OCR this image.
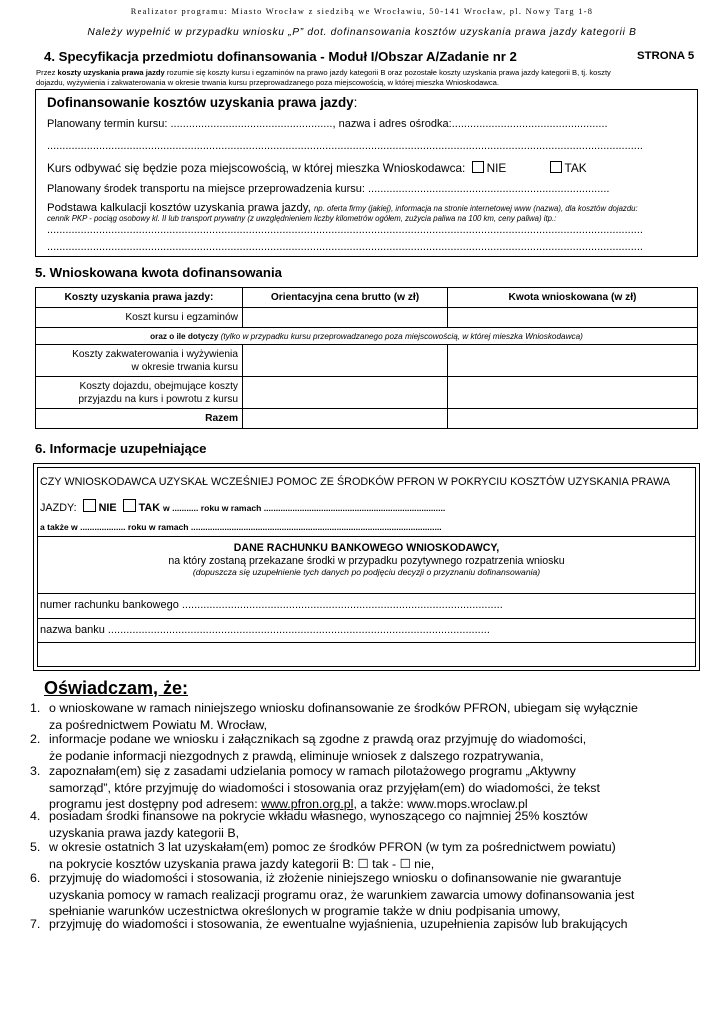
Realizator programu: Miasto Wrocław z siedzibą we Wrocławiu, 50-141 Wrocław, pl. Nowy Targ 1-8
Należy wypełnić w przypadku wniosku „P” dot. dofinansowania kosztów uzyskania prawa jazdy kategorii B
4. Specyfikacja przedmiotu dofinansowania - Moduł I/Obszar A/Zadanie nr 2	STRONA 5
Przez koszty uzyskania prawa jazdy rozumie się koszty kursu i egzaminów na prawo jazdy kategorii B oraz pozostałe koszty uzyskania prawa jazdy kategorii B, tj. koszty
dojazdu, wyżywienia i zakwaterowania w okresie trwania kursu przeprowadzanego poza miejscowością, w której mieszka Wnioskodawca.
Dofinansowanie kosztów uzyskania prawa jazdy:
Planowany termin kursu: ....................................................., nazwa i adres ośrodka:...................................................
...................................................................................................................................................................................................
Kurs odbywać się będzie poza miejscowością, w której mieszka Wnioskodawca: NIE	TAK
Planowany środek transportu na miejsce przeprowadzenia kursu: ...............................................................................
Podstawa kalkulacji kosztów uzyskania prawa jazdy, np. oferta firmy (jakiej), informacja na stronie internetowej www (nazwa), dla kosztów dojazdu:
cennik PKP - pociąg osobowy kl. II lub transport prywatny (z uwzględnieniem liczby kilometrów ogółem, zużycia paliwa na 100 km, ceny paliwa) itp.:
...................................................................................................................................................................................................
...................................................................................................................................................................................................
5. Wnioskowana kwota dofinansowania
Koszty uzyskania prawa jazdy:	Orientacyjna cena brutto (w zł)	Kwota wnioskowana (w zł)
Koszt kursu i egzaminów		
oraz o ile dotyczy (tylko w przypadku kursu przeprowadzanego poza miejscowością, w której mieszka Wnioskodawca)		
Koszty zakwaterowania i wyżywienia
w okresie trwania kursu		
Koszty dojazdu, obejmujące koszty
przyjazdu na kurs i powrotu z kursu		
Razem		
6. Informacje uzupełniające
CZY WNIOSKODAWCA UZYSKAŁ WCZEŚNIEJ POMOC ZE ŚRODKÓW PFRON W POKRYCIU KOSZTÓW UZYSKANIA PRAWA
JAZDY: NIE TAK w ........... roku w ramach ............................................................................
a także w ................... roku w ramach .........................................................................................................
DANE RACHUNKU BANKOWEGO WNIOSKODAWCY,
na który zostaną przekazane środki w przypadku pozytywnego rozpatrzenia wniosku
(dopuszcza się uzupełnienie tych danych po podjęciu decyzji o przyznaniu dofinansowania)
numer rachunku bankowego .........................................................................................................
nazwa banku .............................................................................................................................
Oświadczam, że:
1. o wnioskowane w ramach niniejszego wniosku dofinansowanie ze środków PFRON, ubiegam się wyłącznie
za pośrednictwem Powiatu M. Wrocław,
2. informacje podane we wniosku i załącznikach są zgodne z prawdą oraz przyjmuję do wiadomości,
że podanie informacji niezgodnych z prawdą, eliminuje wniosek z dalszego rozpatrywania,
3. zapoznałam(em) się z zasadami udzielania pomocy w ramach pilotażowego programu „Aktywny
samorząd”, które przyjmuję do wiadomości i stosowania oraz przyjęłam(em) do wiadomości, że tekst
programu jest dostępny pod adresem: www.pfron.org.pl, a także: www.mops.wroclaw.pl
4. posiadam środki finansowe na pokrycie wkładu własnego, wynoszącego co najmniej 25% kosztów
uzyskania prawa jazdy kategorii B,
5. w okresie ostatnich 3 lat uzyskałam(em) pomoc ze środków PFRON (w tym za pośrednictwem powiatu)
na pokrycie kosztów uzyskania prawa jazdy kategorii B: ☐ tak - ☐ nie,
6. przyjmuję do wiadomości i stosowania, iż złożenie niniejszego wniosku o dofinansowanie nie gwarantuje
uzyskania pomocy w ramach realizacji programu oraz, że warunkiem zawarcia umowy dofinansowania jest
spełnianie warunków uczestnictwa określonych w programie także w dniu podpisania umowy,
7. przyjmuję do wiadomości i stosowania, że ewentualne wyjaśnienia, uzupełnienia zapisów lub brakujących
